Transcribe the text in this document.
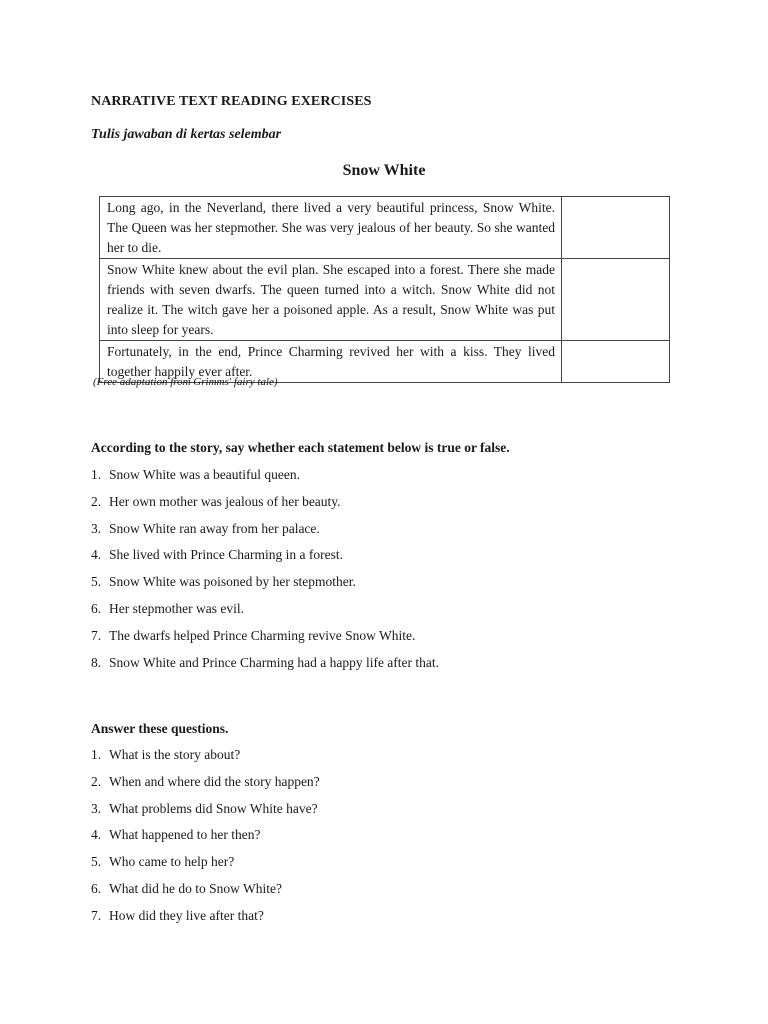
NARRATIVE TEXT READING EXERCISES
Tulis jawaban di kertas selembar
Snow White
Long ago, in the Neverland, there lived a very beautiful princess, Snow White. The Queen was her stepmother. She was very jealous of her beauty. So she wanted her to die.	
Snow White knew about the evil plan. She escaped into a forest. There she made friends with seven dwarfs. The queen turned into a witch. Snow White did not realize it. The witch gave her a poisoned apple. As a result, Snow White was put into sleep for years.	
Fortunately, in the end, Prince Charming revived her with a kiss. They lived together happily ever after.	
(Free adaptation from Grimms' fairy tale)
According to the story, say whether each statement below is true or false.
1. Snow White was a beautiful queen.
2. Her own mother was jealous of her beauty.
3. Snow White ran away from her palace.
4. She lived with Prince Charming in a forest.
5. Snow White was poisoned by her stepmother.
6. Her stepmother was evil.
7. The dwarfs helped Prince Charming revive Snow White.
8. Snow White and Prince Charming had a happy life after that.
Answer these questions.
1. What is the story about?
2. When and where did the story happen?
3. What problems did Snow White have?
4. What happened to her then?
5. Who came to help her?
6. What did he do to Snow White?
7. How did they live after that?
